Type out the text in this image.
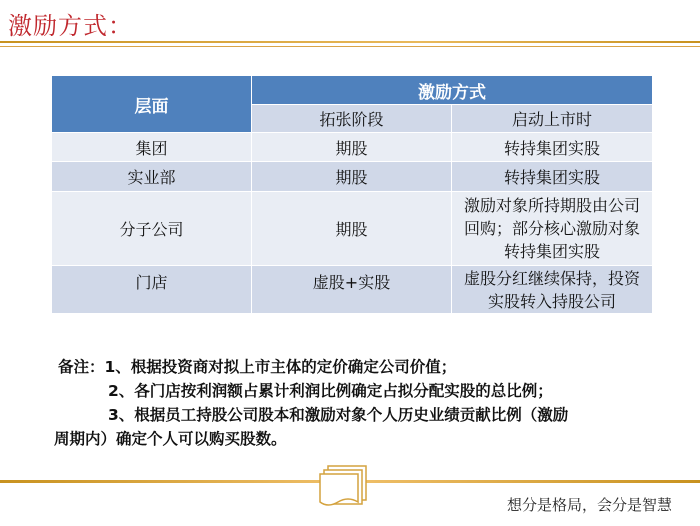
激励方式：
层面	激励方式	
	拓张阶段	启动上市时
集团	期股	转持集团实股
实业部	期股	转持集团实股
分子公司	期股	激励对象所持期股由公司回购；部分核心激励对象转持集团实股
门店	虚股+实股	虚股分红继续保持，投资实股转入持股公司

备注：1、根据投资商对拟上市主体的定价确定公司价值；

2、各门店按利润额占累计利润比例确定占拟分配实股的总比例；

3、根据员工持股公司股本和激励对象个人历史业绩贡献比例（激励

周期内）确定个人可以购买股数。

想分是格局，会分是智慧
